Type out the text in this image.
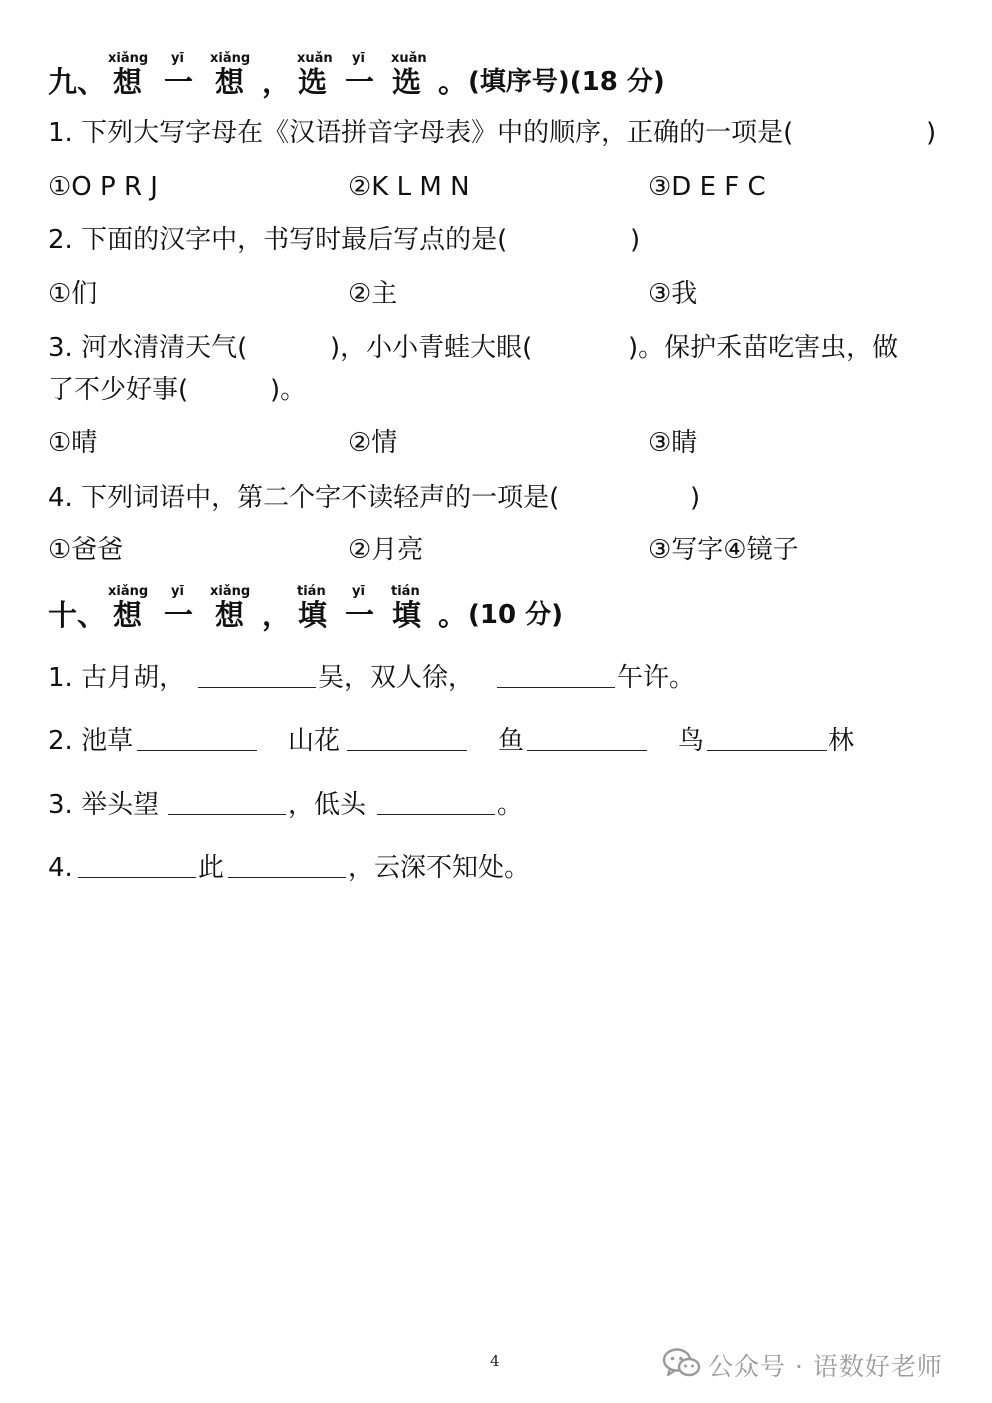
xiǎng yī xiǎng	xuǎn yī xuǎn
九、 想 一 想 ， 选 一 选 。 (填序号)(18 分)
1. 下列大写字母在《汉语拼音字母表》中的顺序，正确的一项是(	)
①O P R J	②K L M N	③D E F C
2. 下面的汉字中，书写时最后写点的是(	)
①们	②主	③我
3. 河水清清天气(	)，小小青蛙大眼(	)。保护禾苗吃害虫，做
了不少好事(	)。
①晴	②情	③睛
4. 下列词语中，第二个字不读轻声的一项是(	)
①爸爸	②月亮	③写字④镜子
xiǎng yī xiǎng	tián yī tián
十、 想 一 想 ， 填 一 填 。 (10 分)
1. 古月胡，	吴，双人徐，	午许。
2. 池草	山花	鱼	鸟	林
3. 举头望	，低头	。
4.	此	，云深不知处。
4	公众号 · 语数好老师
